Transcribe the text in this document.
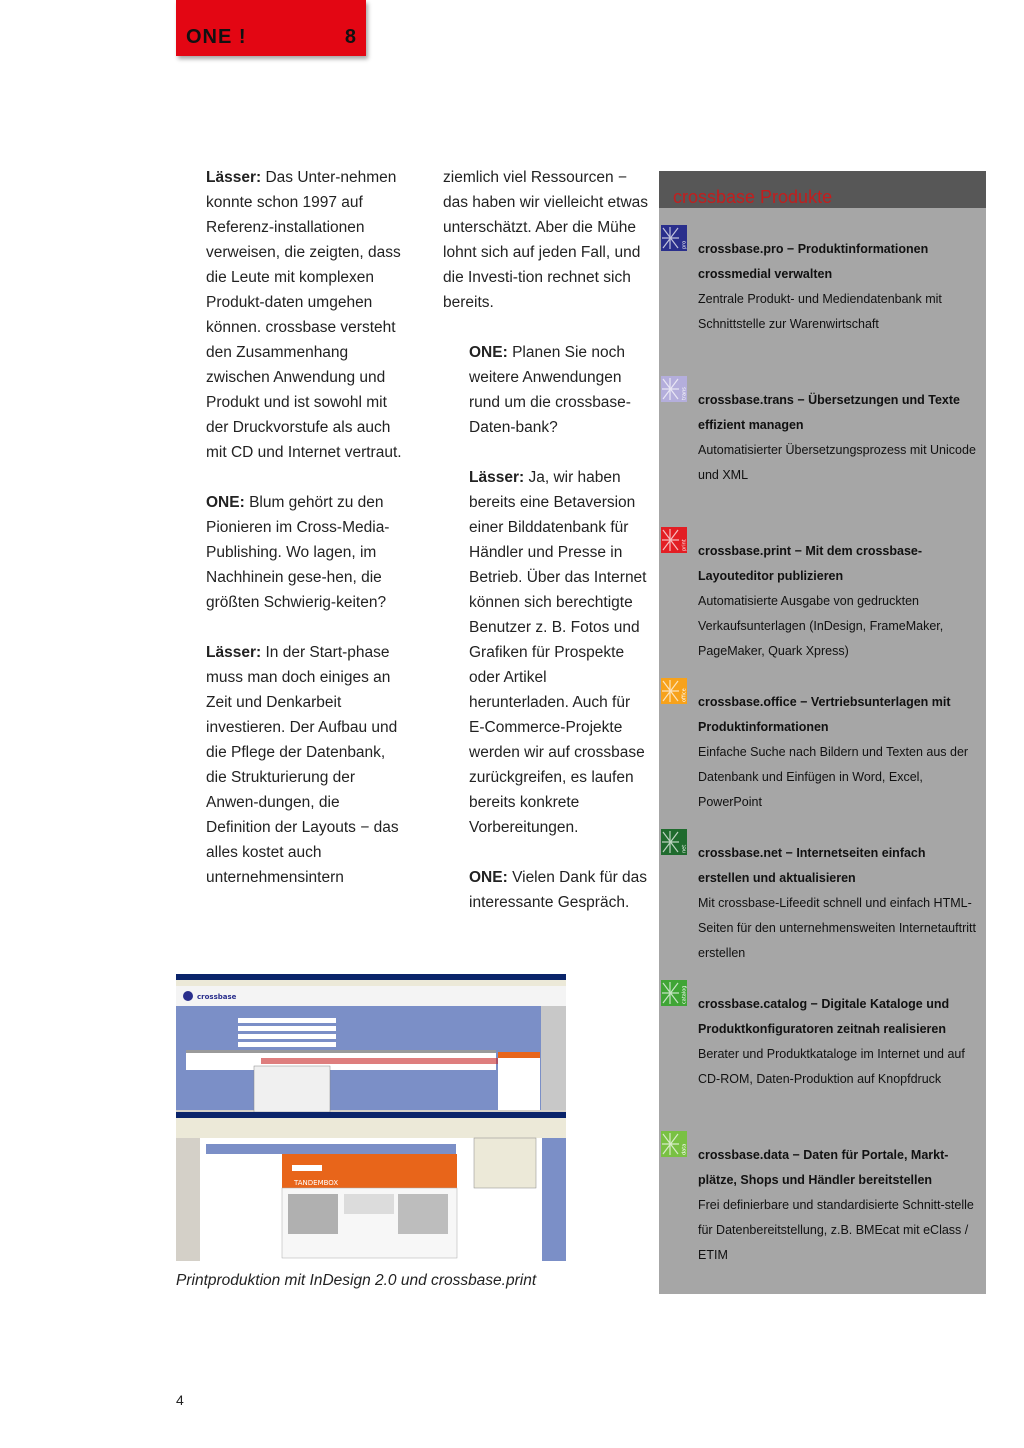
ONE !	8

Lässer: Das Unter-nehmen konnte schon 1997 auf Referenz-installationen verweisen, die zeigten, dass die Leute mit komplexen Produkt-daten umgehen können. crossbase versteht den Zusammenhang zwischen Anwendung und Produkt und ist sowohl mit der Druckvorstufe als auch mit CD und Internet vertraut.

ONE: Blum gehört zu den Pionieren im Cross-Media-Publishing. Wo lagen, im Nachhinein gese-hen, die größten Schwierig-keiten?

Lässer: In der Start-phase muss man doch einiges an Zeit und Denkarbeit investieren. Der Aufbau und die Pflege der Datenbank, die Strukturierung der Anwen-dungen, die Definition der Layouts − das alles kostet auch unternehmensintern

ziemlich viel Ressourcen − das haben wir vielleicht etwas unterschätzt. Aber die Mühe lohnt sich auf jeden Fall, und die Investi-tion rechnet sich bereits.

ONE: Planen Sie noch weitere Anwendungen rund um die crossbase-Daten-bank?

Lässer: Ja, wir haben bereits eine Betaversion einer Bilddatenbank für Händler und Presse in Betrieb. Über das Internet können sich berechtigte Benutzer z. B. Fotos und Grafiken für Prospekte oder Artikel herunterladen. Auch für E-Commerce-Projekte werden wir auf crossbase zurückgreifen, es laufen bereits konkrete Vorbereitungen.

ONE: Vielen Dank für das interessante Gespräch.

crossbase Produkte
pro crossbase.pro − Produktinformationen crossmedial verwalten
Zentrale Produkt- und Mediendatenbank mit Schnittstelle zur Warenwirtschaft
trans crossbase.trans − Übersetzungen und Texte effizient managen
Automatisierter Übersetzungsprozess mit Unicode und XML
print crossbase.print − Mit dem crossbase-Layouteditor publizieren
Automatisierte Ausgabe von gedruckten Verkaufsunterlagen (InDesign, FrameMaker, PageMaker, Quark Xpress)
office crossbase.office − Vertriebsunterlagen mit Produktinformationen
Einfache Suche nach Bildern und Texten aus der Datenbank und Einfügen in Word, Excel, PowerPoint
net crossbase.net − Internetseiten einfach erstellen und aktualisieren
Mit crossbase-Lifeedit schnell und einfach HTML-Seiten für den unternehmensweiten Internetauftritt erstellen
catalog crossbase.catalog − Digitale Kataloge und Produktkonfiguratoren zeitnah realisieren
Berater und Produktkataloge im Internet und auf CD-ROM, Daten-Produktion auf Knopfdruck
data crossbase.data − Daten für Portale, Markt-plätze, Shops und Händler bereitstellen
Frei definierbare und standardisierte Schnitt-stelle für Datenbereitstellung, z.B. BMEcat mit eClass / ETIM
crossbase
TANDEMBOX
Printproduktion mit InDesign 2.0 und crossbase.print
4
